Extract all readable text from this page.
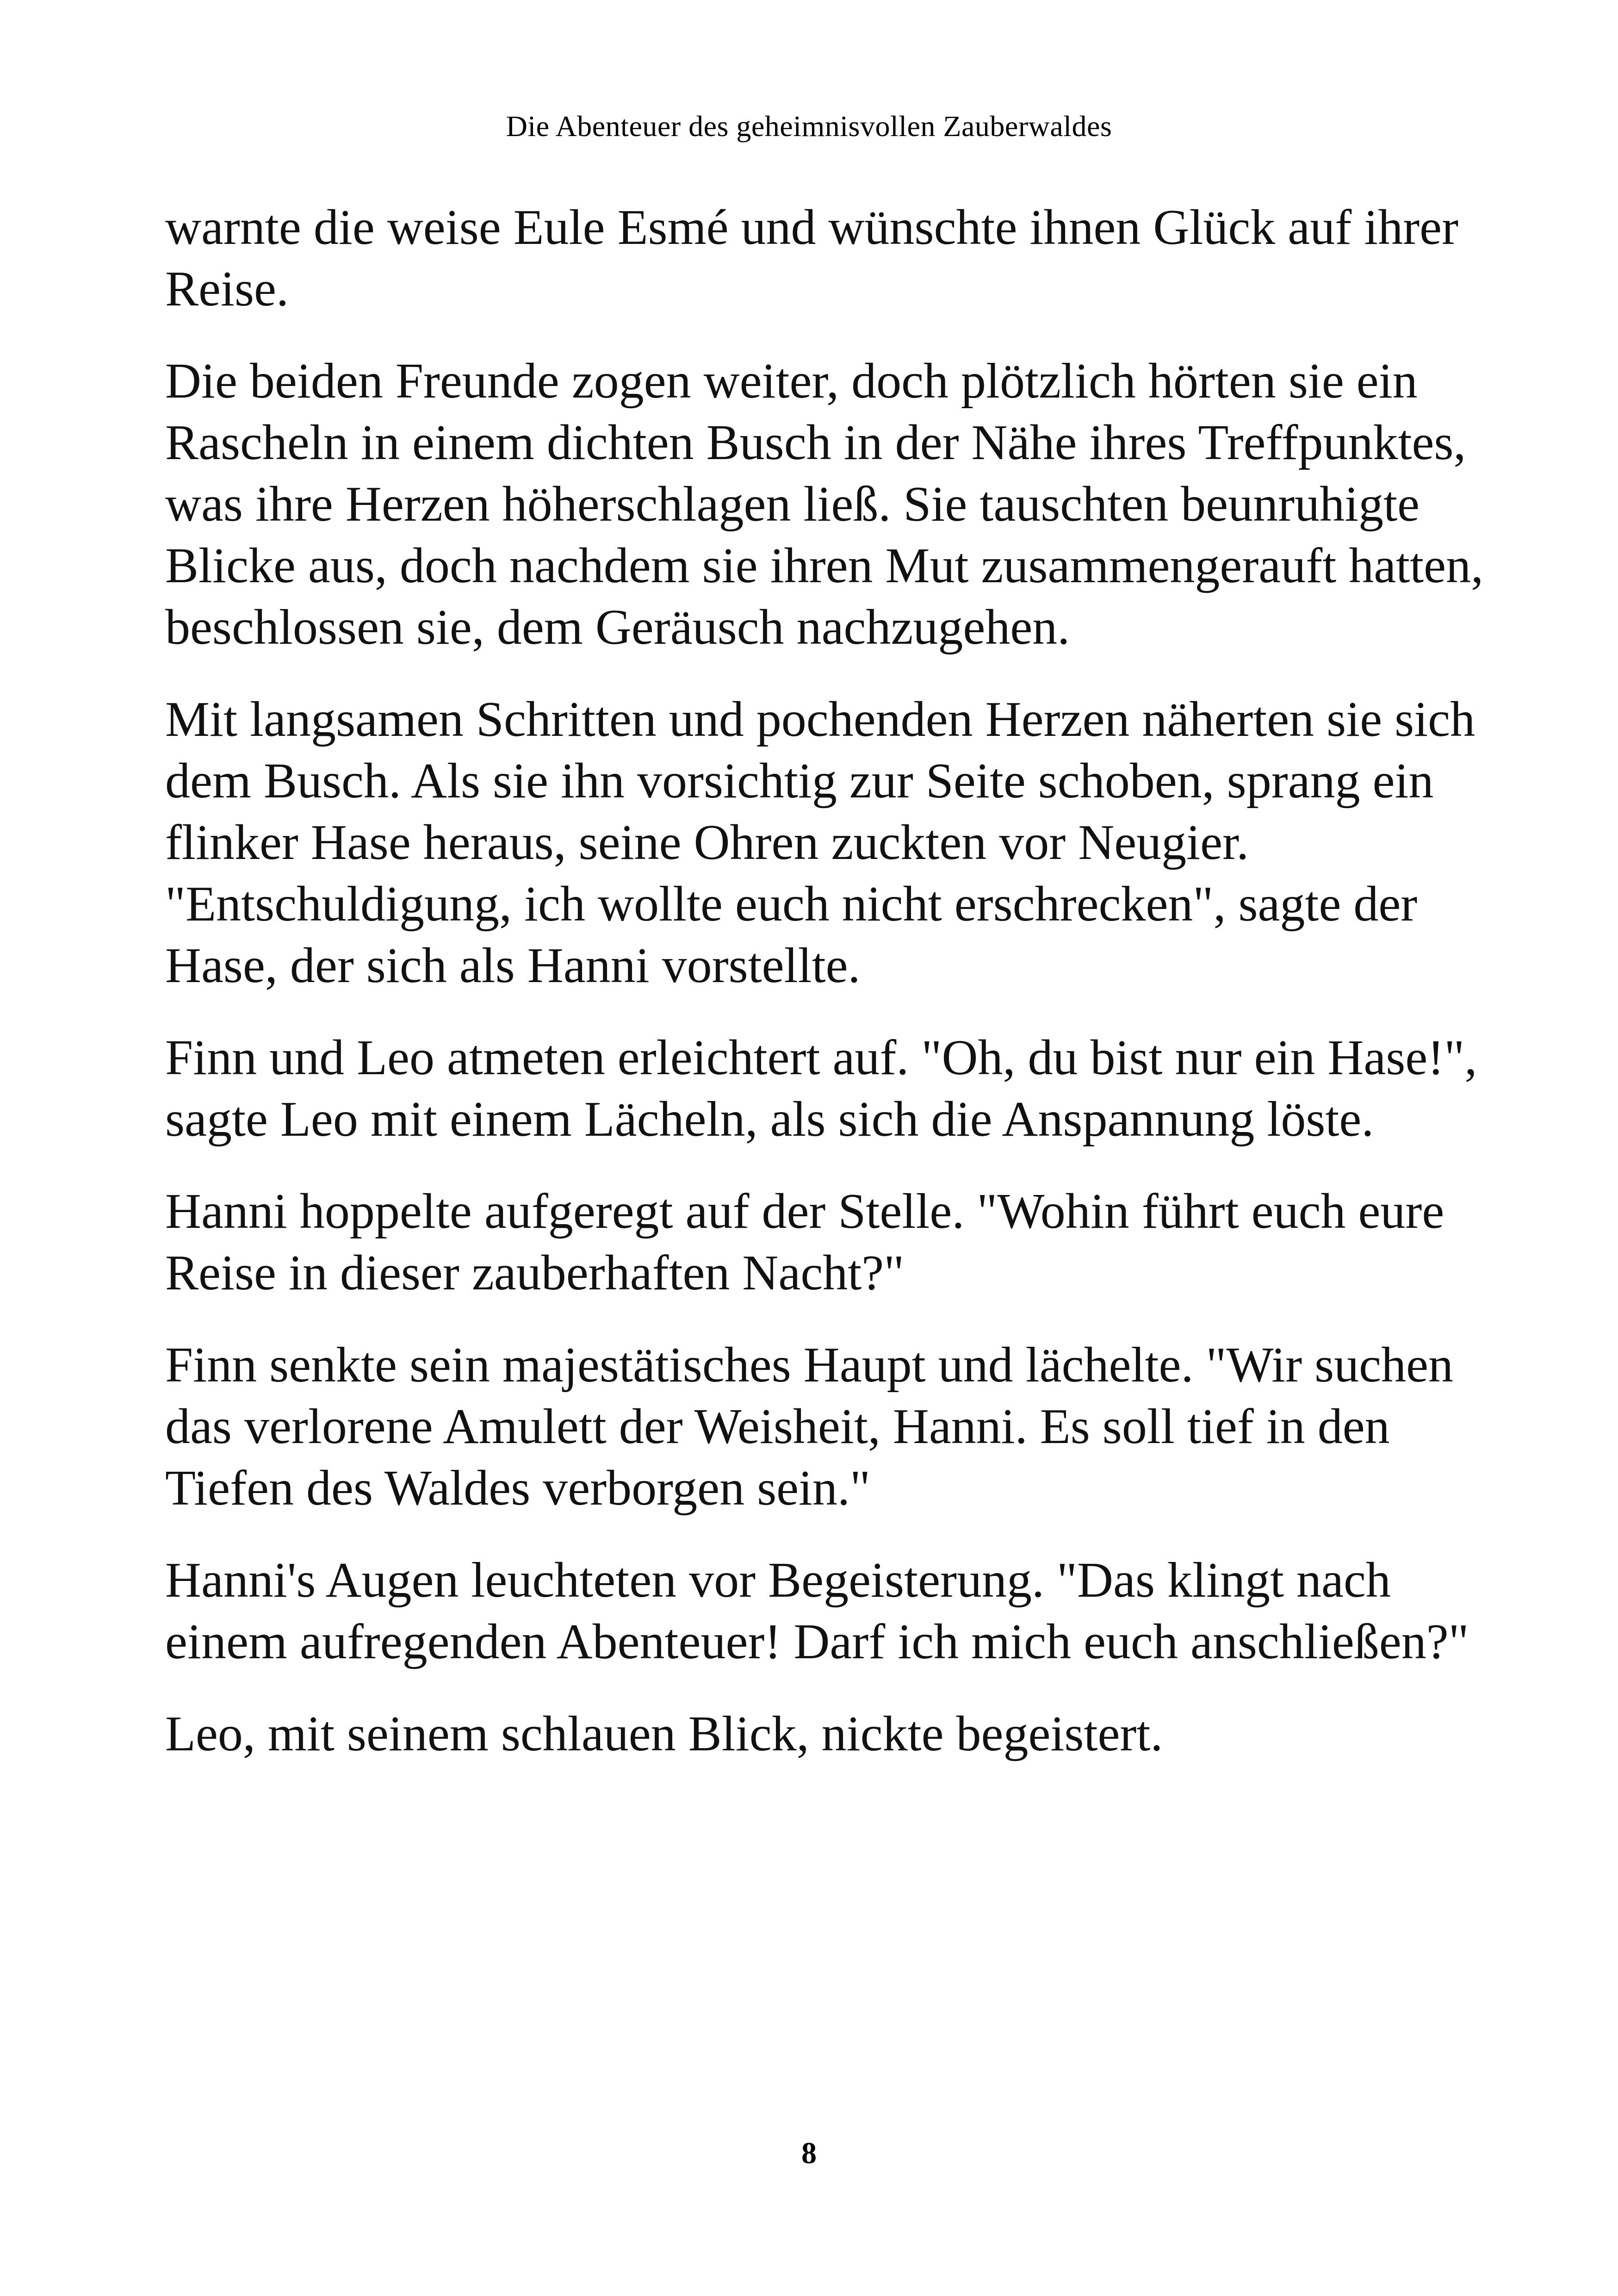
Die Abenteuer des geheimnisvollen Zauberwaldes

warnte die weise Eule Esmé und wünschte ihnen Glück auf ihrer Reise.

Die beiden Freunde zogen weiter, doch plötzlich hörten sie ein Rascheln in einem dichten Busch in der Nähe ihres Treffpunktes, was ihre Herzen höherschlagen ließ. Sie tauschten beunruhigte Blicke aus, doch nachdem sie ihren Mut zusammengerauft hatten, beschlossen sie, dem Geräusch nachzugehen.

Mit langsamen Schritten und pochenden Herzen näherten sie sich dem Busch. Als sie ihn vorsichtig zur Seite schoben, sprang ein flinker Hase heraus, seine Ohren zuckten vor Neugier. "Entschuldigung, ich wollte euch nicht erschrecken", sagte der Hase, der sich als Hanni vorstellte.

Finn und Leo atmeten erleichtert auf. "Oh, du bist nur ein Hase!", sagte Leo mit einem Lächeln, als sich die Anspannung löste.

Hanni hoppelte aufgeregt auf der Stelle. "Wohin führt euch eure Reise in dieser zauberhaften Nacht?"

Finn senkte sein majestätisches Haupt und lächelte. "Wir suchen das verlorene Amulett der Weisheit, Hanni. Es soll tief in den Tiefen des Waldes verborgen sein."

Hanni's Augen leuchteten vor Begeisterung. "Das klingt nach einem aufregenden Abenteuer! Darf ich mich euch anschließen?"

Leo, mit seinem schlauen Blick, nickte begeistert.

8
